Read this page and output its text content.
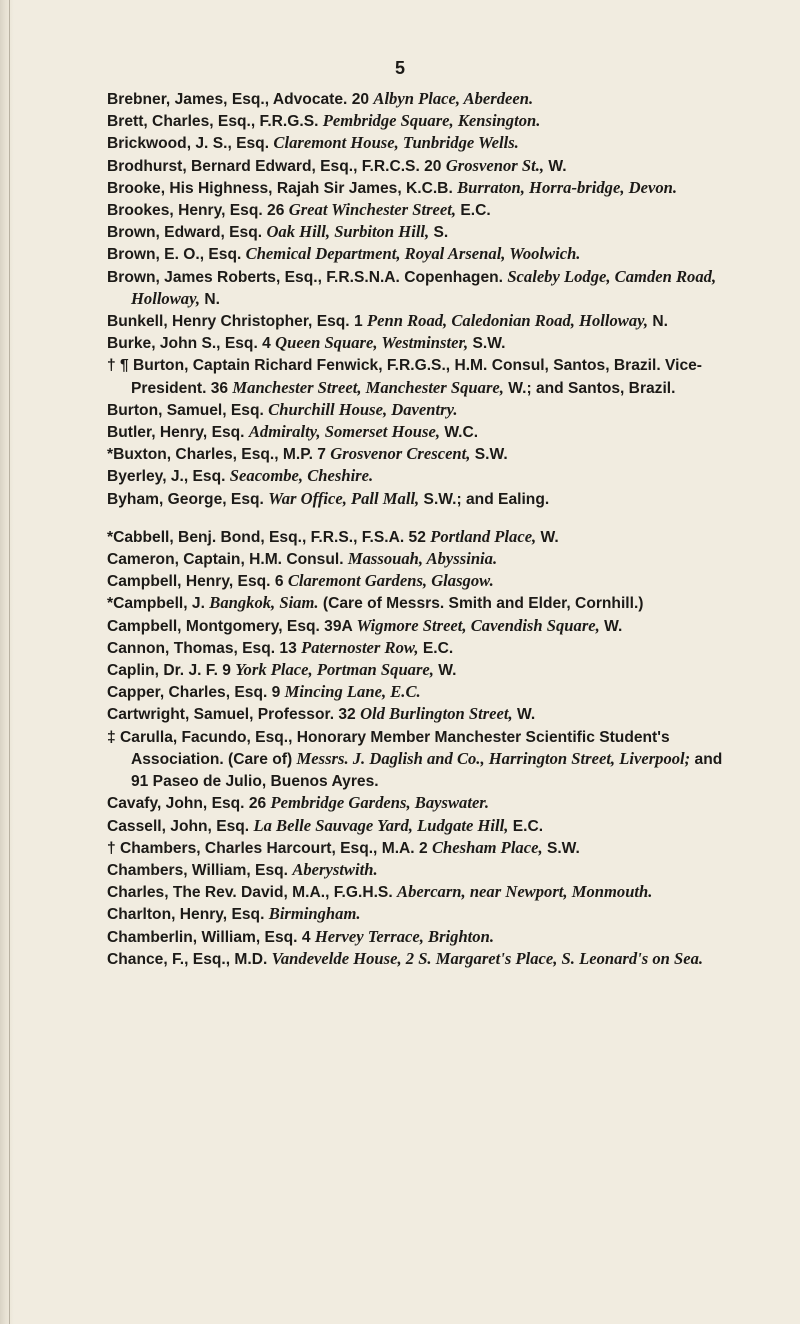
5

Brebner, James, Esq., Advocate. 20 Albyn Place, Aberdeen.

Brett, Charles, Esq., F.R.G.S. Pembridge Square, Kensington.

Brickwood, J. S., Esq. Claremont House, Tunbridge Wells.

Brodhurst, Bernard Edward, Esq., F.R.C.S. 20 Grosvenor St., W.

Brooke, His Highness, Rajah Sir James, K.C.B. Burraton, Horra-bridge, Devon.

Brookes, Henry, Esq. 26 Great Winchester Street, E.C.

Brown, Edward, Esq. Oak Hill, Surbiton Hill, S.

Brown, E. O., Esq. Chemical Department, Royal Arsenal, Woolwich.

Brown, James Roberts, Esq., F.R.S.N.A. Copenhagen. Scaleby Lodge, Camden Road, Holloway, N.

Bunkell, Henry Christopher, Esq. 1 Penn Road, Caledonian Road, Holloway, N.

Burke, John S., Esq. 4 Queen Square, Westminster, S.W.

† ¶ Burton, Captain Richard Fenwick, F.R.G.S., H.M. Consul, Santos, Brazil. Vice-President. 36 Manchester Street, Manchester Square, W.; and Santos, Brazil.

Burton, Samuel, Esq. Churchill House, Daventry.

Butler, Henry, Esq. Admiralty, Somerset House, W.C.

*Buxton, Charles, Esq., M.P. 7 Grosvenor Crescent, S.W.

Byerley, J., Esq. Seacombe, Cheshire.

Byham, George, Esq. War Office, Pall Mall, S.W.; and Ealing.

*Cabbell, Benj. Bond, Esq., F.R.S., F.S.A. 52 Portland Place, W.

Cameron, Captain, H.M. Consul. Massouah, Abyssinia.

Campbell, Henry, Esq. 6 Claremont Gardens, Glasgow.

*Campbell, J. Bangkok, Siam. (Care of Messrs. Smith and Elder, Cornhill.)

Campbell, Montgomery, Esq. 39A Wigmore Street, Cavendish Square, W.

Cannon, Thomas, Esq. 13 Paternoster Row, E.C.

Caplin, Dr. J. F. 9 York Place, Portman Square, W.

Capper, Charles, Esq. 9 Mincing Lane, E.C.

Cartwright, Samuel, Professor. 32 Old Burlington Street, W.

‡ Carulla, Facundo, Esq., Honorary Member Manchester Scientific Student's Association. (Care of) Messrs. J. Daglish and Co., Harrington Street, Liverpool; and 91 Paseo de Julio, Buenos Ayres.

Cavafy, John, Esq. 26 Pembridge Gardens, Bayswater.

Cassell, John, Esq. La Belle Sauvage Yard, Ludgate Hill, E.C.

† Chambers, Charles Harcourt, Esq., M.A. 2 Chesham Place, S.W.

Chambers, William, Esq. Aberystwith.

Charles, The Rev. David, M.A., F.G.H.S. Abercarn, near Newport, Monmouth.

Charlton, Henry, Esq. Birmingham.

Chamberlin, William, Esq. 4 Hervey Terrace, Brighton.

Chance, F., Esq., M.D. Vandevelde House, 2 S. Margaret's Place, S. Leonard's on Sea.
